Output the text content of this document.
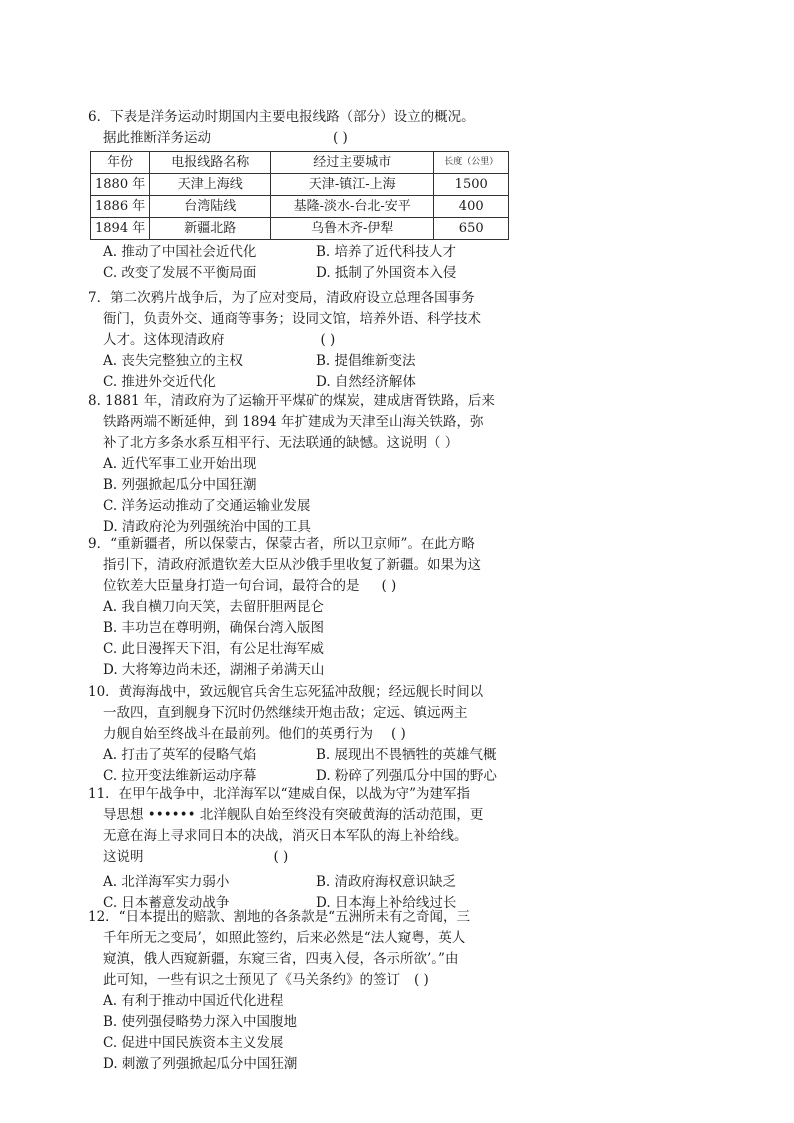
6．下表是洋务运动时期国内主要电报线路（部分）设立的概况。

据此推断洋务运动	( )

年份	电报线路名称	经过主要城市	长度（公里）
1880 年	天津上海线	天津-镇江-上海	1500
1886 年	台湾陆线	基隆-淡水-台北-安平	400
1894 年	新疆北路	乌鲁木齐-伊犁	650
A. 推动了中国社会近代化	B. 培养了近代科技人才
C. 改变了发展不平衡局面	D. 抵制了外国资本入侵

7．第二次鸦片战争后，为了应对变局，清政府设立总理各国事务

衙门，负责外交、通商等事务；设同文馆，培养外语、科学技术

人才。这体现清政府	( )

A. 丧失完整独立的主权	B. 提倡维新变法
C. 推进外交近代化	D. 自然经济解体

8. 1881 年，清政府为了运输开平煤矿的煤炭，建成唐胥铁路，后来

铁路两端不断延伸，到 1894 年扩建成为天津至山海关铁路，弥

补了北方多条水系互相平行、无法联通的缺憾。这说明（ ）

A. 近代军事工业开始出现

B. 列强掀起瓜分中国狂潮

C. 洋务运动推动了交通运输业发展

D. 清政府沦为列强统治中国的工具

9．“重新疆者，所以保蒙古，保蒙古者，所以卫京师”。在此方略

指引下，清政府派遣钦差大臣从沙俄手里收复了新疆。如果为这

位钦差大臣量身打造一句台词，最符合的是 ( )

A. 我自横刀向天笑，去留肝胆两昆仑

B. 丰功岂在尊明朔，确保台湾入版图

C. 此日漫挥天下泪，有公足壮海军威

D. 大将筹边尚未还，湖湘子弟满天山

10．黄海海战中，致远舰官兵舍生忘死猛冲敌舰；经远舰长时间以

一敌四，直到舰身下沉时仍然继续开炮击敌；定远、镇远两主

力舰自始至终战斗在最前列。他们的英勇行为 ( )

A. 打击了英军的侵略气焰	B. 展现出不畏牺牲的英雄气概
C. 拉开变法维新运动序幕	D. 粉碎了列强瓜分中国的野心

11．在甲午战争中，北洋海军以“建威自保，以战为守”为建军指

导思想 •••••• 北洋舰队自始至终没有突破黄海的活动范围，更

无意在海上寻求同日本的决战，消灭日本军队的海上补给线。

这说明	( )

A. 北洋海军实力弱小	B. 清政府海权意识缺乏
C. 日本蓄意发动战争	D. 日本海上补给线过长

12．“日本提出的赔款、割地的各条款是“五洲所未有之奇闻，三

千年所无之变局’，如照此签约，后来必然是“法人窥粤，英人

窥滇，俄人西窥新疆，东窥三省，四夷入侵，各示所欲’。”由

此可知，一些有识之士预见了《马关条约》的签订 ( )

A. 有利于推动中国近代化进程

B. 使列强侵略势力深入中国腹地

C. 促进中国民族资本主义发展

D. 刺激了列强掀起瓜分中国狂潮
